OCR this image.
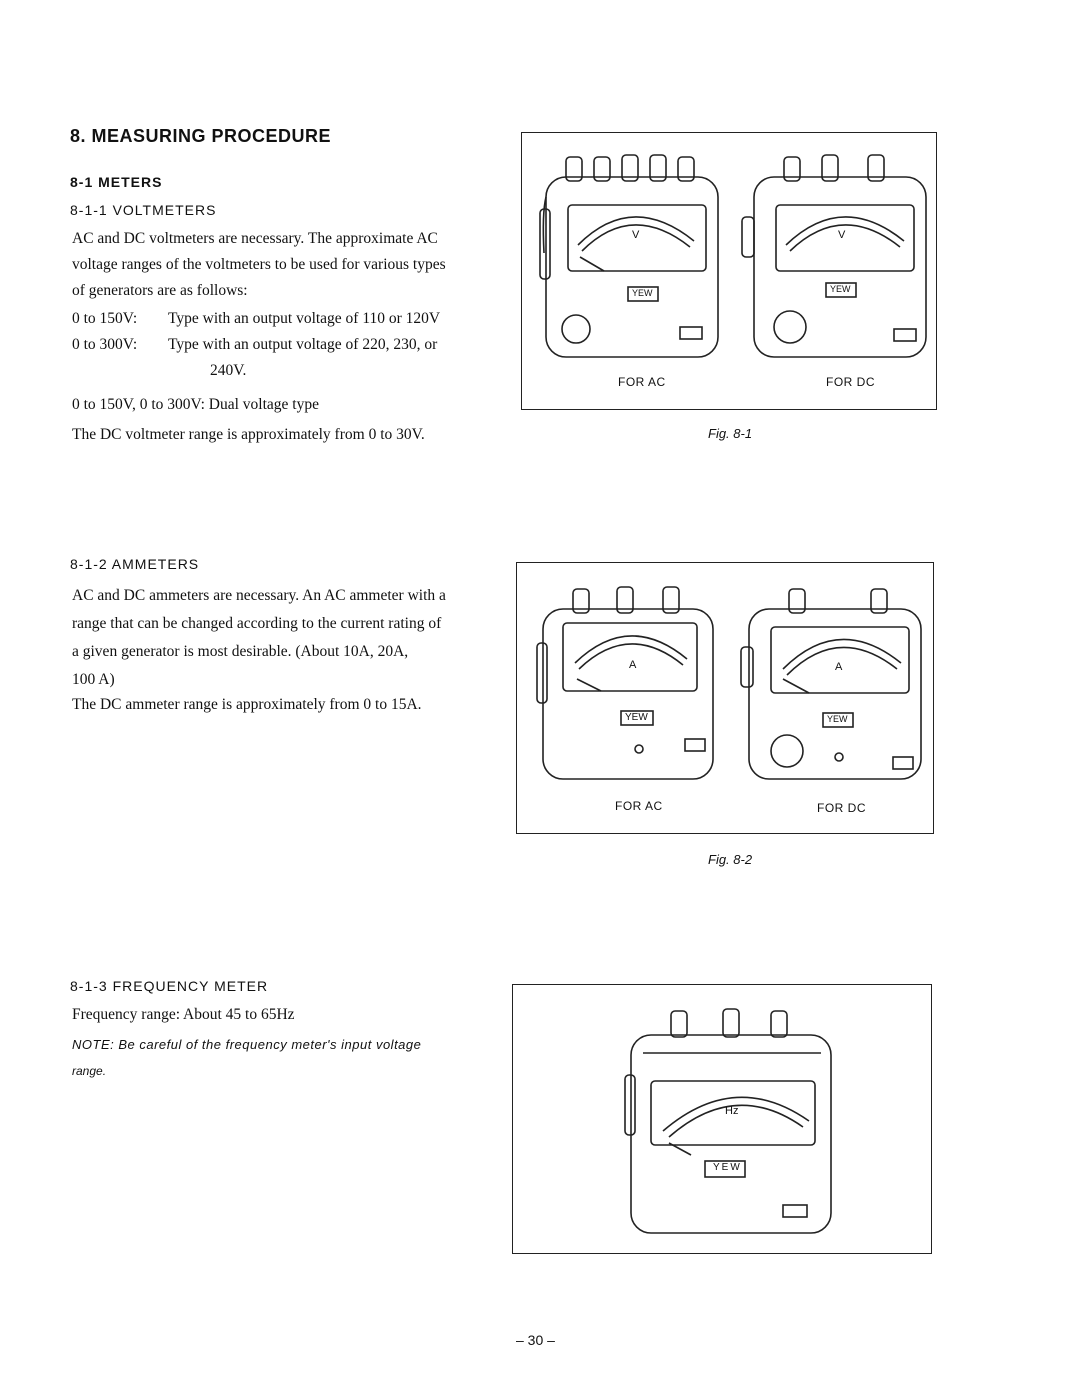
8. MEASURING PROCEDURE
8-1 METERS
8-1-1 VOLTMETERS
AC and DC voltmeters are necessary. The approximate AC
voltage ranges of the voltmeters to be used for various types
of generators are as follows:
0 to 150V:	Type with an output voltage of 110 or 120V
0 to 300V:	Type with an output voltage of 220, 230, or
240V.
0 to 150V, 0 to 300V: Dual voltage type
The DC voltmeter range is approximately from 0 to 30V.
8-1-2 AMMETERS
AC and DC ammeters are necessary. An AC ammeter with a
range that can be changed according to the current rating of
a given generator is most desirable. (About 10A, 20A,
100 A)
The DC ammeter range is approximately from 0 to 15A.
8-1-3 FREQUENCY METER
Frequency range: About 45 to 65Hz
NOTE: Be careful of the frequency meter's input voltage
range.
V	V
YEW	YEW
FOR AC	FOR DC
Fig. 8-1
A	A
YEW	YEW
FOR AC	FOR DC
Fig. 8-2
Hz
YEW
– 30 –
